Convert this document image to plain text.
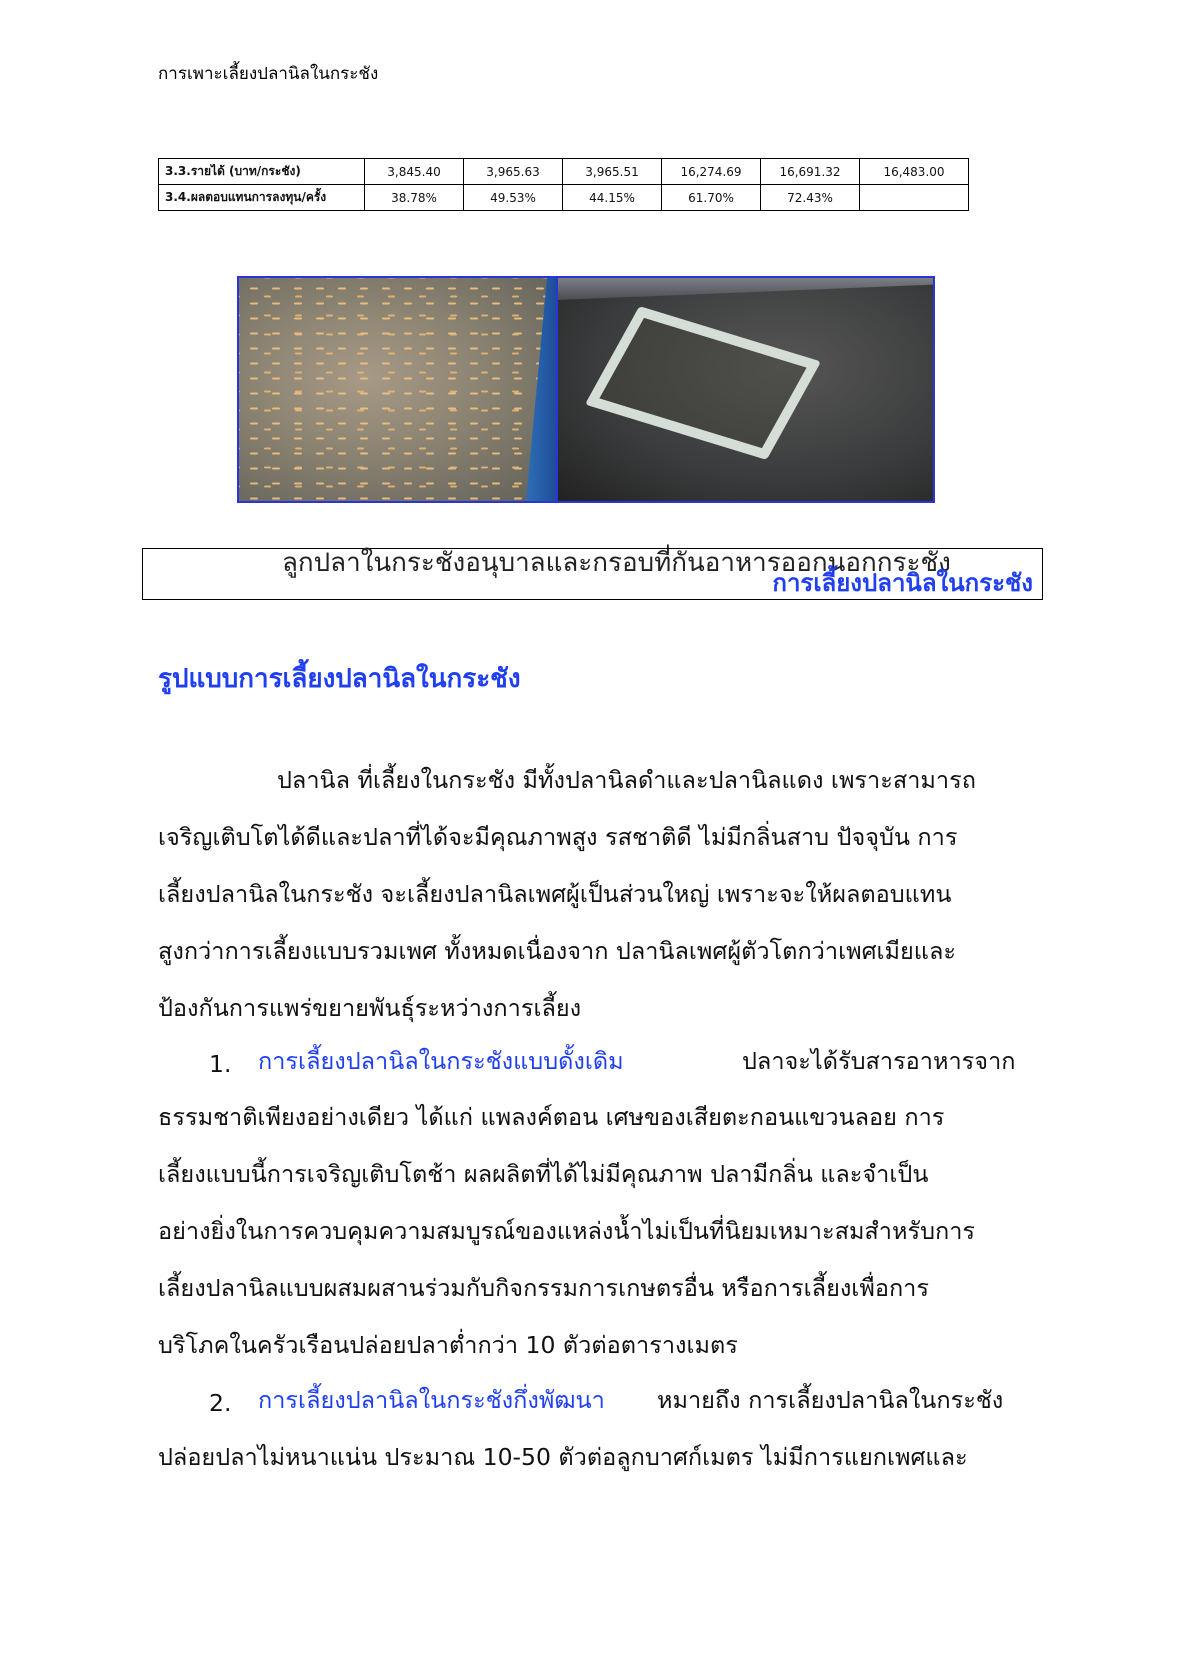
การเพาะเลี้ยงปลานิลในกระชัง
3.3.รายได้ (บาท/กระชัง)	3,845.40	3,965.63	3,965.51	16,274.69	16,691.32	16,483.00
3.4.ผลตอบแทนการลงทุน/ครั้ง	38.78%	49.53%	44.15%	61.70%	72.43%	
ลูกปลาในกระชังอนุบาลและกรอบที่กันอาหารออกนอกกระชัง
การเลี้ยงปลานิลในกระชัง
รูปแบบการเลี้ยงปลานิลในกระชัง
ปลานิล ที่เลี้ยงในกระชัง มีทั้งปลานิลดำและปลานิลแดง เพราะสามารถ
เจริญเติบโตได้ดีและปลาที่ได้จะมีคุณภาพสูง รสชาติดี ไม่มีกลิ่นสาบ ปัจจุบัน การ
เลี้ยงปลานิลในกระชัง จะเลี้ยงปลานิลเพศผู้เป็นส่วนใหญ่ เพราะจะให้ผลตอบแทน
สูงกว่าการเลี้ยงแบบรวมเพศ ทั้งหมดเนื่องจาก ปลานิลเพศผู้ตัวโตกว่าเพศเมียและ
ป้องกันการแพร่ขยายพันธุ์ระหว่างการเลี้ยง
1. การเลี้ยงปลานิลในกระชังแบบดั้งเดิม	ปลาจะได้รับสารอาหารจาก
ธรรมชาติเพียงอย่างเดียว ได้แก่ แพลงค์ตอน เศษของเสียตะกอนแขวนลอย การ
เลี้ยงแบบนี้การเจริญเติบโตช้า ผลผลิตที่ได้ไม่มีคุณภาพ ปลามีกลิ่น และจำเป็น
อย่างยิ่งในการควบคุมความสมบูรณ์ของแหล่งน้ำไม่เป็นที่นิยมเหมาะสมสำหรับการ
เลี้ยงปลานิลแบบผสมผสานร่วมกับกิจกรรมการเกษตรอื่น หรือการเลี้ยงเพื่อการ
บริโภคในครัวเรือนปล่อยปลาต่ำกว่า 10 ตัวต่อตารางเมตร
2. การเลี้ยงปลานิลในกระชังกึ่งพัฒนา หมายถึง การเลี้ยงปลานิลในกระชัง
ปล่อยปลาไม่หนาแน่น ประมาณ 10-50 ตัวต่อลูกบาศก์เมตร ไม่มีการแยกเพศและ
